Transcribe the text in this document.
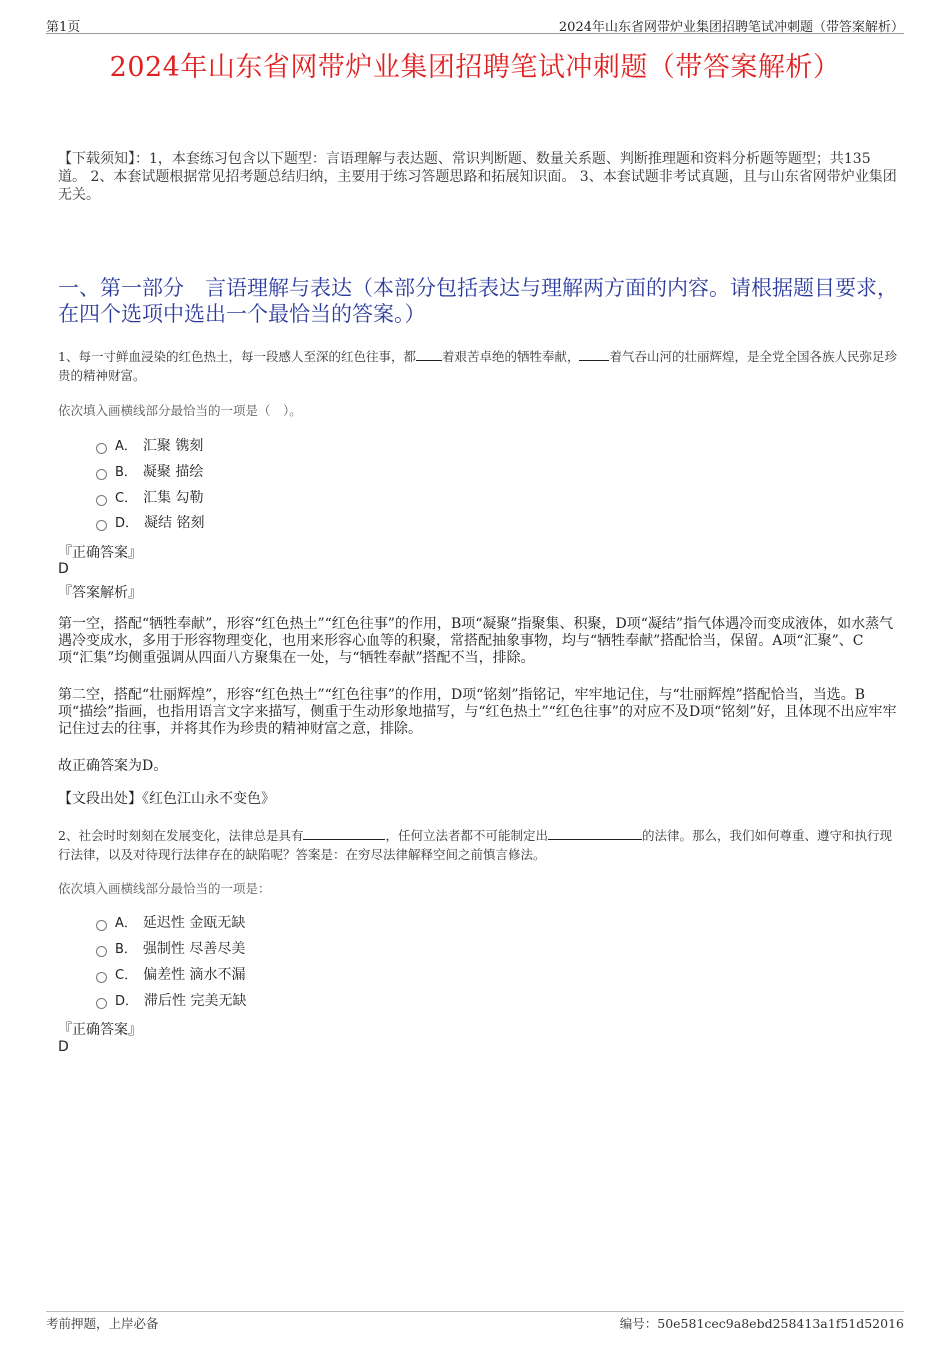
第1页	2024年山东省网带炉业集团招聘笔试冲刺题（带答案解析）
2024年山东省网带炉业集团招聘笔试冲刺题（带答案解析）
【下载须知】：1，本套练习包含以下题型：言语理解与表达题、常识判断题、数量关系题、判断推理题和资料分析题等题型；共135道。 2、本套试题根据常见招考题总结归纳，主要用于练习答题思路和拓展知识面。 3、本套试题非考试真题，且与山东省网带炉业集团无关。
一、第一部分　言语理解与表达（本部分包括表达与理解两方面的内容。请根据题目要求，在四个选项中选出一个最恰当的答案。）
1、每一寸鲜血浸染的红色热土，每一段感人至深的红色往事，都 着艰苦卓绝的牺牲奉献， 着气吞山河的壮丽辉煌，是全党全国各族人民弥足珍贵的精神财富。
依次填入画横线部分最恰当的一项是（　）。
A． 汇聚 镌刻
B． 凝聚 描绘
C． 汇集 勾勒
D． 凝结 铭刻
『正确答案』
D
『答案解析』
第一空，搭配“牺牲奉献”，形容“红色热土”“红色往事”的作用，B项“凝聚”指聚集、积聚，D项“凝结”指气体遇冷而变成液体，如水蒸气遇冷变成水，多用于形容物理变化，也用来形容心血等的积聚，常搭配抽象事物，均与“牺牲奉献”搭配恰当，保留。A项“汇聚”、C项“汇集”均侧重强调从四面八方聚集在一处，与“牺牲奉献”搭配不当，排除。
第二空，搭配“壮丽辉煌”，形容“红色热土”“红色往事”的作用，D项“铭刻”指铭记，牢牢地记住，与“壮丽辉煌”搭配恰当，当选。B项“描绘”指画，也指用语言文字来描写，侧重于生动形象地描写，与“红色热土”“红色往事”的对应不及D项“铭刻”好，且体现不出应牢牢记住过去的往事，并将其作为珍贵的精神财富之意，排除。
故正确答案为D。
【文段出处】《红色江山永不变色》
2、社会时时刻刻在发展变化，法律总是具有	，任何立法者都不可能制定出	的法律。那么，我们如何尊重、遵守和执行现行法律，以及对待现行法律存在的缺陷呢？答案是：在穷尽法律解释空间之前慎言修法。
依次填入画横线部分最恰当的一项是：
A． 延迟性 金瓯无缺
B． 强制性 尽善尽美
C． 偏差性 滴水不漏
D． 滞后性 完美无缺
『正确答案』
D
考前押题，上岸必备	编号：50e581cec9a8ebd258413a1f51d52016
